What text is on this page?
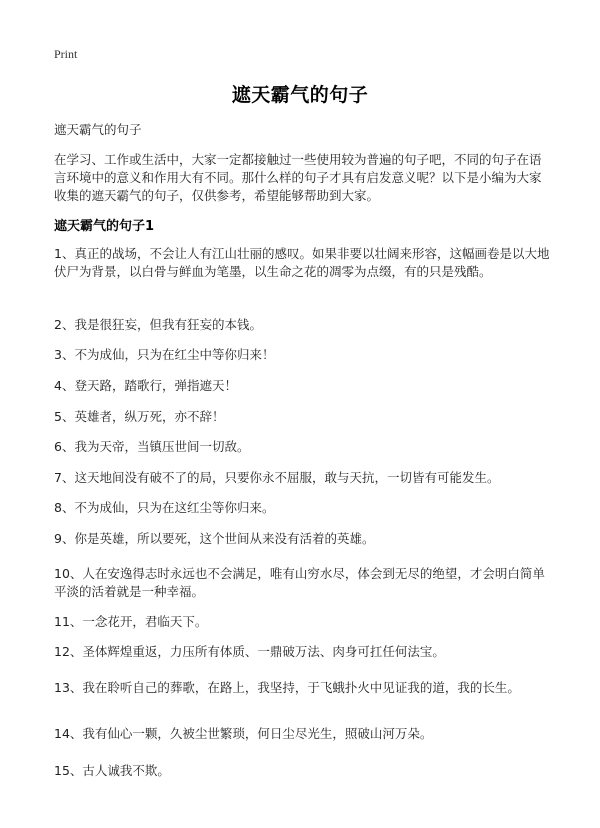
Print
遮天霸气的句子
遮天霸气的句子
在学习、工作或生活中，大家一定都接触过一些使用较为普遍的句子吧，不同的句子在语言环境中的意义和作用大有不同。那什么样的句子才具有启发意义呢？以下是小编为大家收集的遮天霸气的句子，仅供参考，希望能够帮助到大家。
遮天霸气的句子1
1、真正的战场，不会让人有江山壮丽的感叹。如果非要以壮阔来形容，这幅画卷是以大地伏尸为背景，以白骨与鲜血为笔墨，以生命之花的凋零为点缀，有的只是残酷。
2、我是很狂妄，但我有狂妄的本钱。
3、不为成仙，只为在红尘中等你归来！
4、登天路，踏歌行，弹指遮天！
5、英雄者，纵万死，亦不辞！
6、我为天帝，当镇压世间一切敌。
7、这天地间没有破不了的局，只要你永不屈服，敢与天抗，一切皆有可能发生。
8、不为成仙，只为在这红尘等你归来。
9、你是英雄，所以要死，这个世间从来没有活着的英雄。
10、人在安逸得志时永远也不会满足，唯有山穷水尽，体会到无尽的绝望，才会明白简单平淡的活着就是一种幸福。
11、一念花开，君临天下。
12、圣体辉煌重返，力压所有体质、一鼎破万法、肉身可扛任何法宝。
13、我在聆听自己的葬歌，在路上，我坚持，于飞蛾扑火中见证我的道，我的长生。
14、我有仙心一颗，久被尘世繁琐，何日尘尽光生，照破山河万朵。
15、古人诚我不欺。
